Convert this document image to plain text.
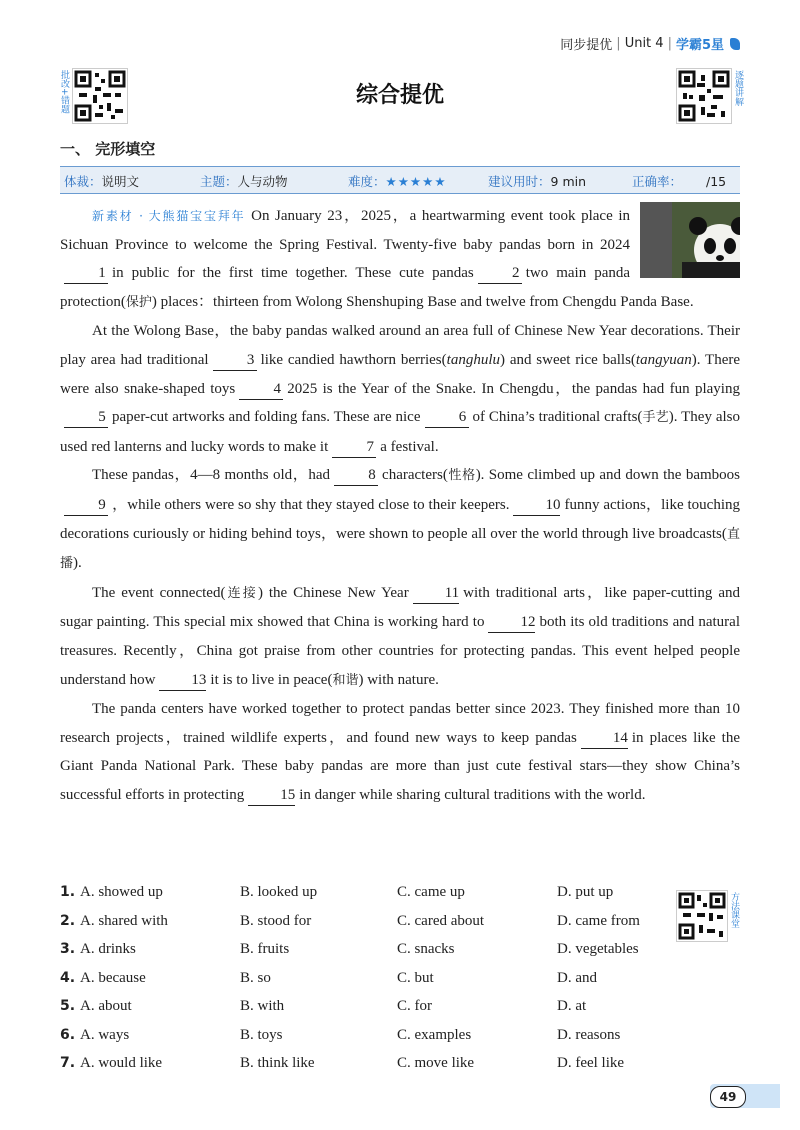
同步提优 | Unit 4 | 学霸5星
批改+错题	逐题讲解
综合提优
一、 完形填空
体裁：说明文	主题：人与动物	难度：★★★★★	建议用时：9 min	正确率： /15

新素材 · 大熊猫宝宝拜年 On January 23，2025，a heartwarming event took place in Sichuan Province to welcome the Spring Festival. Twenty-five baby pandas born in 20241 in public for the first time together. These cute pandas	2 two main panda protection(保护) places：thirteen from Wolong Shenshuping Base and twelve from Chengdu Panda Base.

At the Wolong Base，the baby pandas walked around an area full of Chinese New Year decorations. Their play area had traditional	3 like candied hawthorn berries(tanghulu) and sweet rice balls(tangyuan). There were also snake-shaped toys	4 2025 is the Year of the Snake. In Chengdu，the pandas had fun playing5 paper-cut artworks and folding fans. These are nice	6 of China’s traditional crafts(手艺). They also used red lanterns and lucky words to make it	7 a festival.

These pandas，4—8 months old，had	8 characters(性格). Some climbed up and down the bamboos9 ，while others were so shy that they stayed close to their keepers. 10 funny actions，like touching decorations curiously or hiding behind toys，were shown to people all over the world through live broadcasts(直播).

The event connected(连接) the Chinese New Year 11 with traditional arts，like paper-cutting and sugar painting. This special mix showed that China is working hard to 12 both its old traditions and natural treasures. Recently，China got praise from other countries for protecting pandas. This event helped people understand how 13 it is to live in peace(和谐) with nature.

The panda centers have worked together to protect pandas better since 2023. They finished more than 10 research projects，trained wildlife experts，and found new ways to keep pandas 14 in places like the Giant Panda National Park. These baby pandas are more than just cute festival stars—they show China’s successful efforts in protecting 15 in danger while sharing cultural traditions with the world.

1. A. showed up	B. looked up	C. came up	D. put up
2. A. shared with	B. stood for	C. cared about	D. came from
3. A. drinks	B. fruits	C. snacks	D. vegetables
4. A. because	B. so	C. but	D. and
5. A. about	B. with	C. for	D. at
6. A. ways	B. toys	C. examples	D. reasons
7. A. would like	B. think like	C. move like	D. feel like
方法课堂
49
